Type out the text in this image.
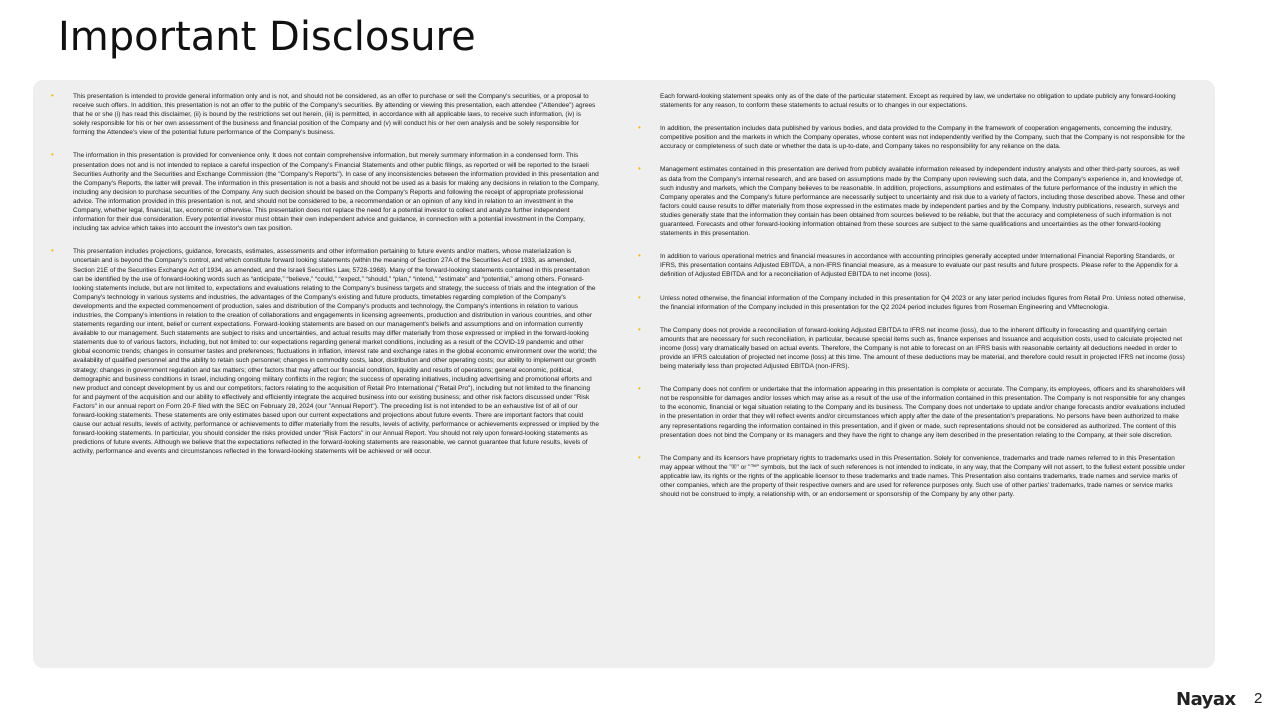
Important Disclosure
•	This presentation is intended to provide general information only and is not, and should not be considered, as an offer to purchase or sell the Company's securities, or a proposal to receive such offers. In addition, this presentation is not an offer to the public of the Company's securities. By attending or viewing this presentation, each attendee ("Attendee") agrees that he or she (i) has read this disclaimer, (ii) is bound by the restrictions set out herein, (iii) is permitted, in accordance with all applicable laws, to receive such information, (iv) is solely responsible for his or her own assessment of the business and financial position of the Company and (v) will conduct his or her own analysis and be solely responsible for forming the Attendee's view of the potential future performance of the Company's business.
•	The information in this presentation is provided for convenience only. It does not contain comprehensive information, but merely summary information in a condensed form. This presentation does not and is not intended to replace a careful inspection of the Company's Financial Statements and other public filings, as reported or will be reported to the Israeli Securities Authority and the Securities and Exchange Commission (the "Company's Reports"). In case of any inconsistencies between the information provided in this presentation and the Company's Reports, the latter will prevail. The information in this presentation is not a basis and should not be used as a basis for making any decisions in relation to the Company, including any decision to purchase securities of the Company. Any such decision should be based on the Company's Reports and following the receipt of appropriate professional advice. The information provided in this presentation is not, and should not be considered to be, a recommendation or an opinion of any kind in relation to an investment in the Company, whether legal, financial, tax, economic or otherwise. This presentation does not replace the need for a potential investor to collect and analyze further independent information for their due consideration. Every potential investor must obtain their own independent advice and guidance, in connection with a potential investment in the Company, including tax advice which takes into account the investor's own tax position.
•	This presentation includes projections, guidance, forecasts, estimates, assessments and other information pertaining to future events and/or matters, whose materialization is uncertain and is beyond the Company's control, and which constitute forward looking statements (within the meaning of Section 27A of the Securities Act of 1933, as amended, Section 21E of the Securities Exchange Act of 1934, as amended, and the Israeli Securities Law, 5728-1968). Many of the forward-looking statements contained in this presentation can be identified by the use of forward-looking words such as “anticipate,” “believe,” “could,” “expect,” “should,” “plan,” “intend,” “estimate” and “potential,” among others. Forward-looking statements include, but are not limited to, expectations and evaluations relating to the Company's business targets and strategy, the success of trials and the integration of the Company's technology in various systems and industries, the advantages of the Company's existing and future products, timetables regarding completion of the Company's developments and the expected commencement of production, sales and distribution of the Company's products and technology, the Company's intentions in relation to various industries, the Company's intentions in relation to the creation of collaborations and engagements in licensing agreements, production and distribution in various countries, and other statements regarding our intent, belief or current expectations. Forward-looking statements are based on our management's beliefs and assumptions and on information currently available to our management. Such statements are subject to risks and uncertainties, and actual results may differ materially from those expressed or implied in the forward-looking statements due to of various factors, including, but not limited to: our expectations regarding general market conditions, including as a result of the COVID-19 pandemic and other global economic trends; changes in consumer tastes and preferences; fluctuations in inflation, interest rate and exchange rates in the global economic environment over the world; the availability of qualified personnel and the ability to retain such personnel; changes in commodity costs, labor, distribution and other operating costs; our ability to implement our growth strategy; changes in government regulation and tax matters; other factors that may affect our financial condition, liquidity and results of operations; general economic, political, demographic and business conditions in Israel, including ongoing military conflicts in the region; the success of operating initiatives, including advertising and promotional efforts and new product and concept development by us and our competitors; factors relating to the acquisition of Retail Pro International ("Retail Pro"), including but not limited to the financing for and payment of the acquisition and our ability to effectively and efficiently integrate the acquired business into our existing business; and other risk factors discussed under "Risk Factors" in our annual report on Form 20-F filed with the SEC on February 28, 2024 (our "Annual Report"). The preceding list is not intended to be an exhaustive list of all of our forward-looking statements. These statements are only estimates based upon our current expectations and projections about future events. There are important factors that could cause our actual results, levels of activity, performance or achievements to differ materially from the results, levels of activity, performance or achievements expressed or implied by the forward-looking statements. In particular, you should consider the risks provided under "Risk Factors" in our Annual Report. You should not rely upon forward-looking statements as predictions of future events. Although we believe that the expectations reflected in the forward-looking statements are reasonable, we cannot guarantee that future results, levels of activity, performance and events and circumstances reflected in the forward-looking statements will be achieved or will occur.
Each forward-looking statement speaks only as of the date of the particular statement. Except as required by law, we undertake no obligation to update publicly any forward-looking statements for any reason, to conform these statements to actual results or to changes in our expectations.
•	In addition, the presentation includes data published by various bodies, and data provided to the Company in the framework of cooperation engagements, concerning the industry, competitive position and the markets in which the Company operates, whose content was not independently verified by the Company, such that the Company is not responsible for the accuracy or completeness of such date or whether the data is up-to-date, and Company takes no responsibility for any reliance on the data.
•	Management estimates contained in this presentation are derived from publicly available information released by independent industry analysts and other third-party sources, as well as data from the Company's internal research, and are based on assumptions made by the Company upon reviewing such data, and the Company's experience in, and knowledge of, such industry and markets, which the Company believes to be reasonable. In addition, projections, assumptions and estimates of the future performance of the industry in which the Company operates and the Company's future performance are necessarily subject to uncertainty and risk due to a variety of factors, including those described above. These and other factors could cause results to differ materially from those expressed in the estimates made by independent parties and by the Company. Industry publications, research, surveys and studies generally state that the information they contain has been obtained from sources believed to be reliable, but that the accuracy and completeness of such information is not guaranteed. Forecasts and other forward-looking information obtained from these sources are subject to the same qualifications and uncertainties as the other forward-looking statements in this presentation.
•	In addition to various operational metrics and financial measures in accordance with accounting principles generally accepted under International Financial Reporting Standards, or IFRS, this presentation contains Adjusted EBITDA, a non-IFRS financial measure, as a measure to evaluate our past results and future prospects. Please refer to the Appendix for a definition of Adjusted EBITDA and for a reconciliation of Adjusted EBITDA to net income (loss).
•	Unless noted otherwise, the financial information of the Company included in this presentation for Q4 2023 or any later period includes figures from Retail Pro. Unless noted otherwise, the financial information of the Company included in this presentation for the Q2 2024 period includes figures from Roseman Engineering and VMtecnologia.
•	The Company does not provide a reconciliation of forward-looking Adjusted EBITDA to IFRS net income (loss), due to the inherent difficulty in forecasting and quantifying certain amounts that are necessary for such reconciliation, in particular, because special items such as, finance expenses and Issuance and acquisition costs, used to calculate projected net income (loss) vary dramatically based on actual events. Therefore, the Company is not able to forecast on an IFRS basis with reasonable certainty all deductions needed in order to provide an IFRS calculation of projected net income (loss) at this time. The amount of these deductions may be material, and therefore could result in projected IFRS net income (loss) being materially less than projected Adjusted EBITDA (non-IFRS).
•	The Company does not confirm or undertake that the information appearing in this presentation is complete or accurate. The Company, its employees, officers and its shareholders will not be responsible for damages and/or losses which may arise as a result of the use of the information contained in this presentation. The Company is not responsible for any changes to the economic, financial or legal situation relating to the Company and its business. The Company does not undertake to update and/or change forecasts and/or evaluations included in the presentation in order that they will reflect events and/or circumstances which apply after the date of the presentation's preparations. No persons have been authorized to make any representations regarding the information contained in this presentation, and if given or made, such representations should not be considered as authorized. The content of this presentation does not bind the Company or its managers and they have the right to change any item described in the presentation relating to the Company, at their sole discretion.
•	The Company and its licensors have proprietary rights to trademarks used in this Presentation. Solely for convenience, trademarks and trade names referred to in this Presentation may appear without the "®" or "™" symbols, but the lack of such references is not intended to indicate, in any way, that the Company will not assert, to the fullest extent possible under applicable law, its rights or the rights of the applicable licensor to these trademarks and trade names. This Presentation also contains trademarks, trade names and service marks of other companies, which are the property of their respective owners and are used for reference purposes only. Such use of other parties' trademarks, trade names or service marks should not be construed to imply, a relationship with, or an endorsement or sponsorship of the Company by any other party.
Nayax 2
